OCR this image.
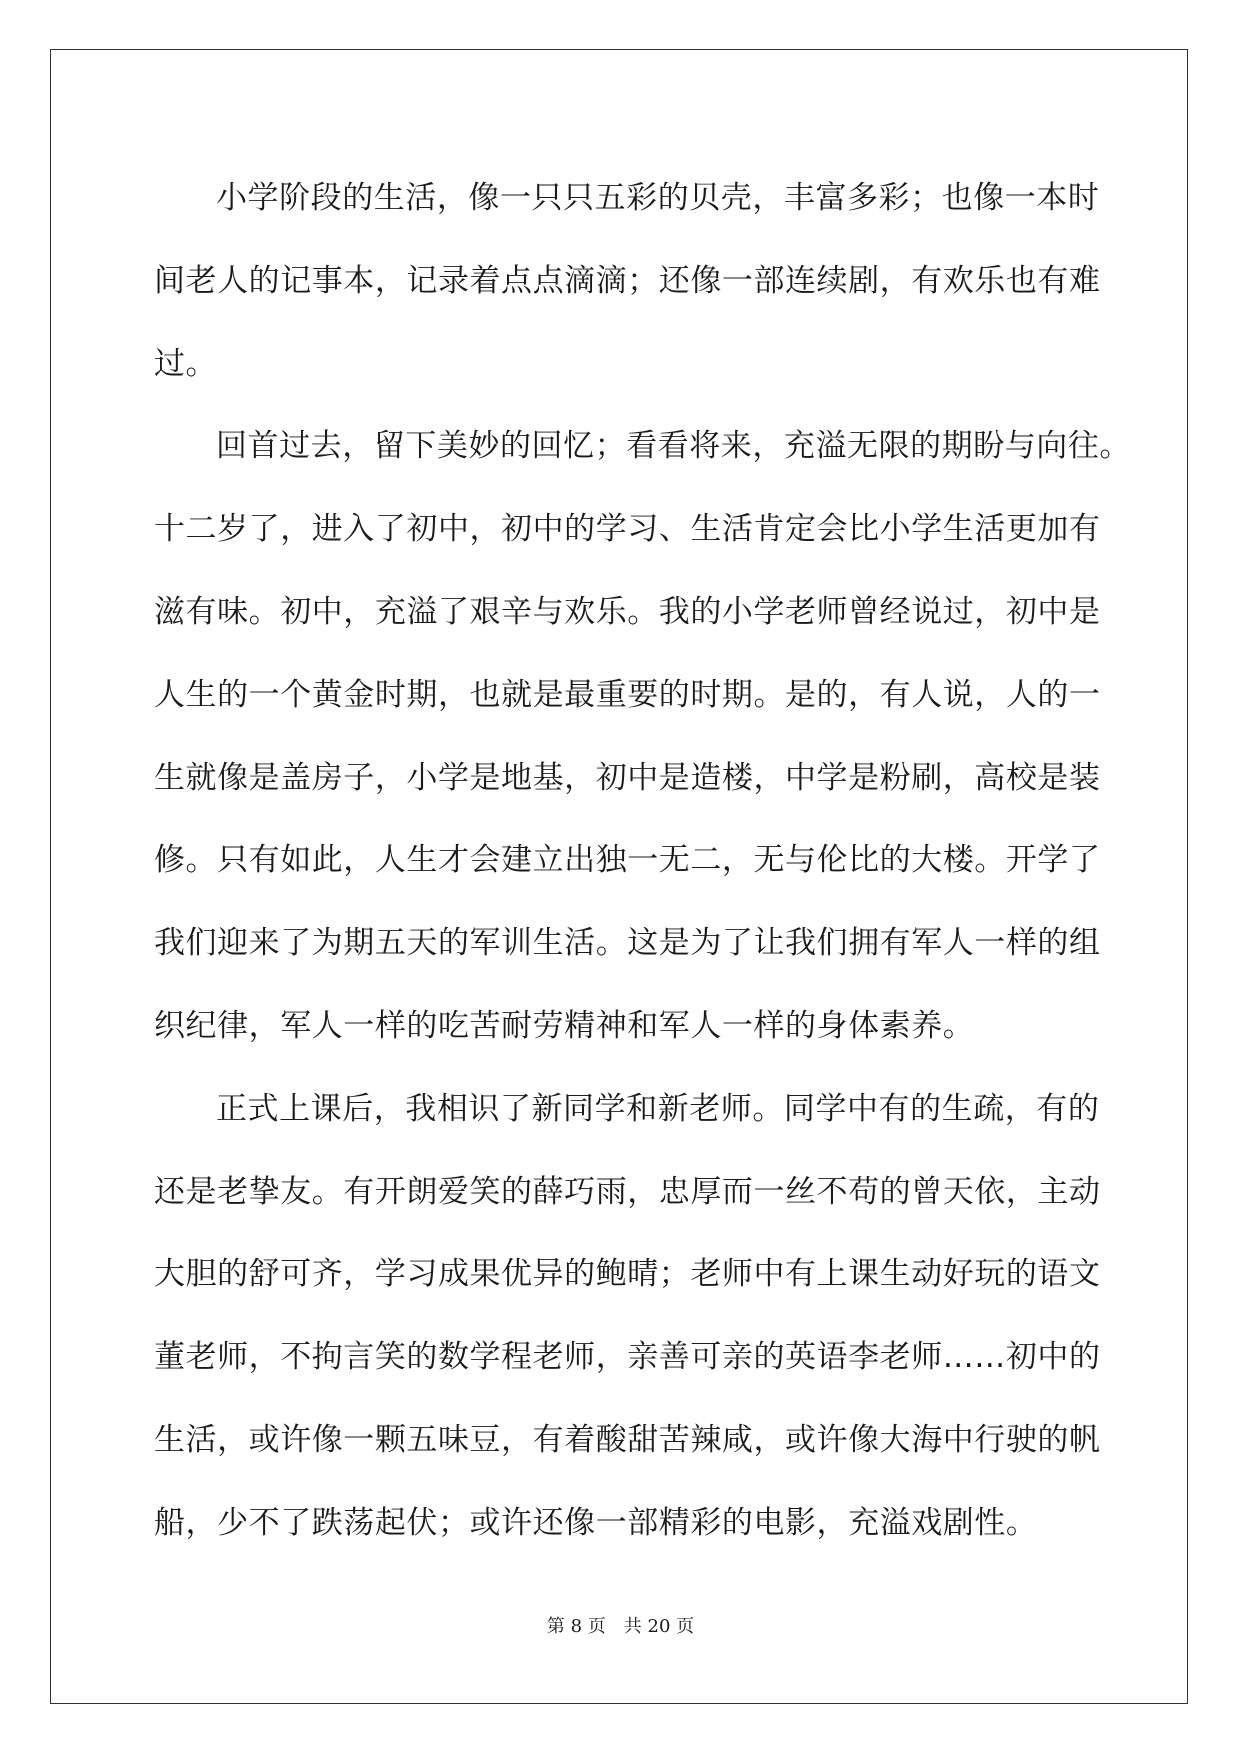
小学阶段的生活，像一只只五彩的贝壳，丰富多彩；也像一本时
间老人的记事本，记录着点点滴滴；还像一部连续剧，有欢乐也有难
过。
回首过去，留下美妙的回忆；看看将来，充溢无限的期盼与向往。
十二岁了，进入了初中，初中的学习、生活肯定会比小学生活更加有
滋有味。初中，充溢了艰辛与欢乐。我的小学老师曾经说过，初中是
人生的一个黄金时期，也就是最重要的时期。是的，有人说，人的一
生就像是盖房子，小学是地基，初中是造楼，中学是粉刷，高校是装
修。只有如此，人生才会建立出独一无二，无与伦比的大楼。开学了
我们迎来了为期五天的军训生活。这是为了让我们拥有军人一样的组
织纪律，军人一样的吃苦耐劳精神和军人一样的身体素养。
正式上课后，我相识了新同学和新老师。同学中有的生疏，有的
还是老挚友。有开朗爱笑的薛巧雨，忠厚而一丝不苟的曾天依，主动
大胆的舒可齐，学习成果优异的鲍晴；老师中有上课生动好玩的语文
董老师，不拘言笑的数学程老师，亲善可亲的英语李老师……初中的
生活，或许像一颗五味豆，有着酸甜苦辣咸，或许像大海中行驶的帆
船，少不了跌荡起伏；或许还像一部精彩的电影，充溢戏剧性。
第 8 页 共 20 页
